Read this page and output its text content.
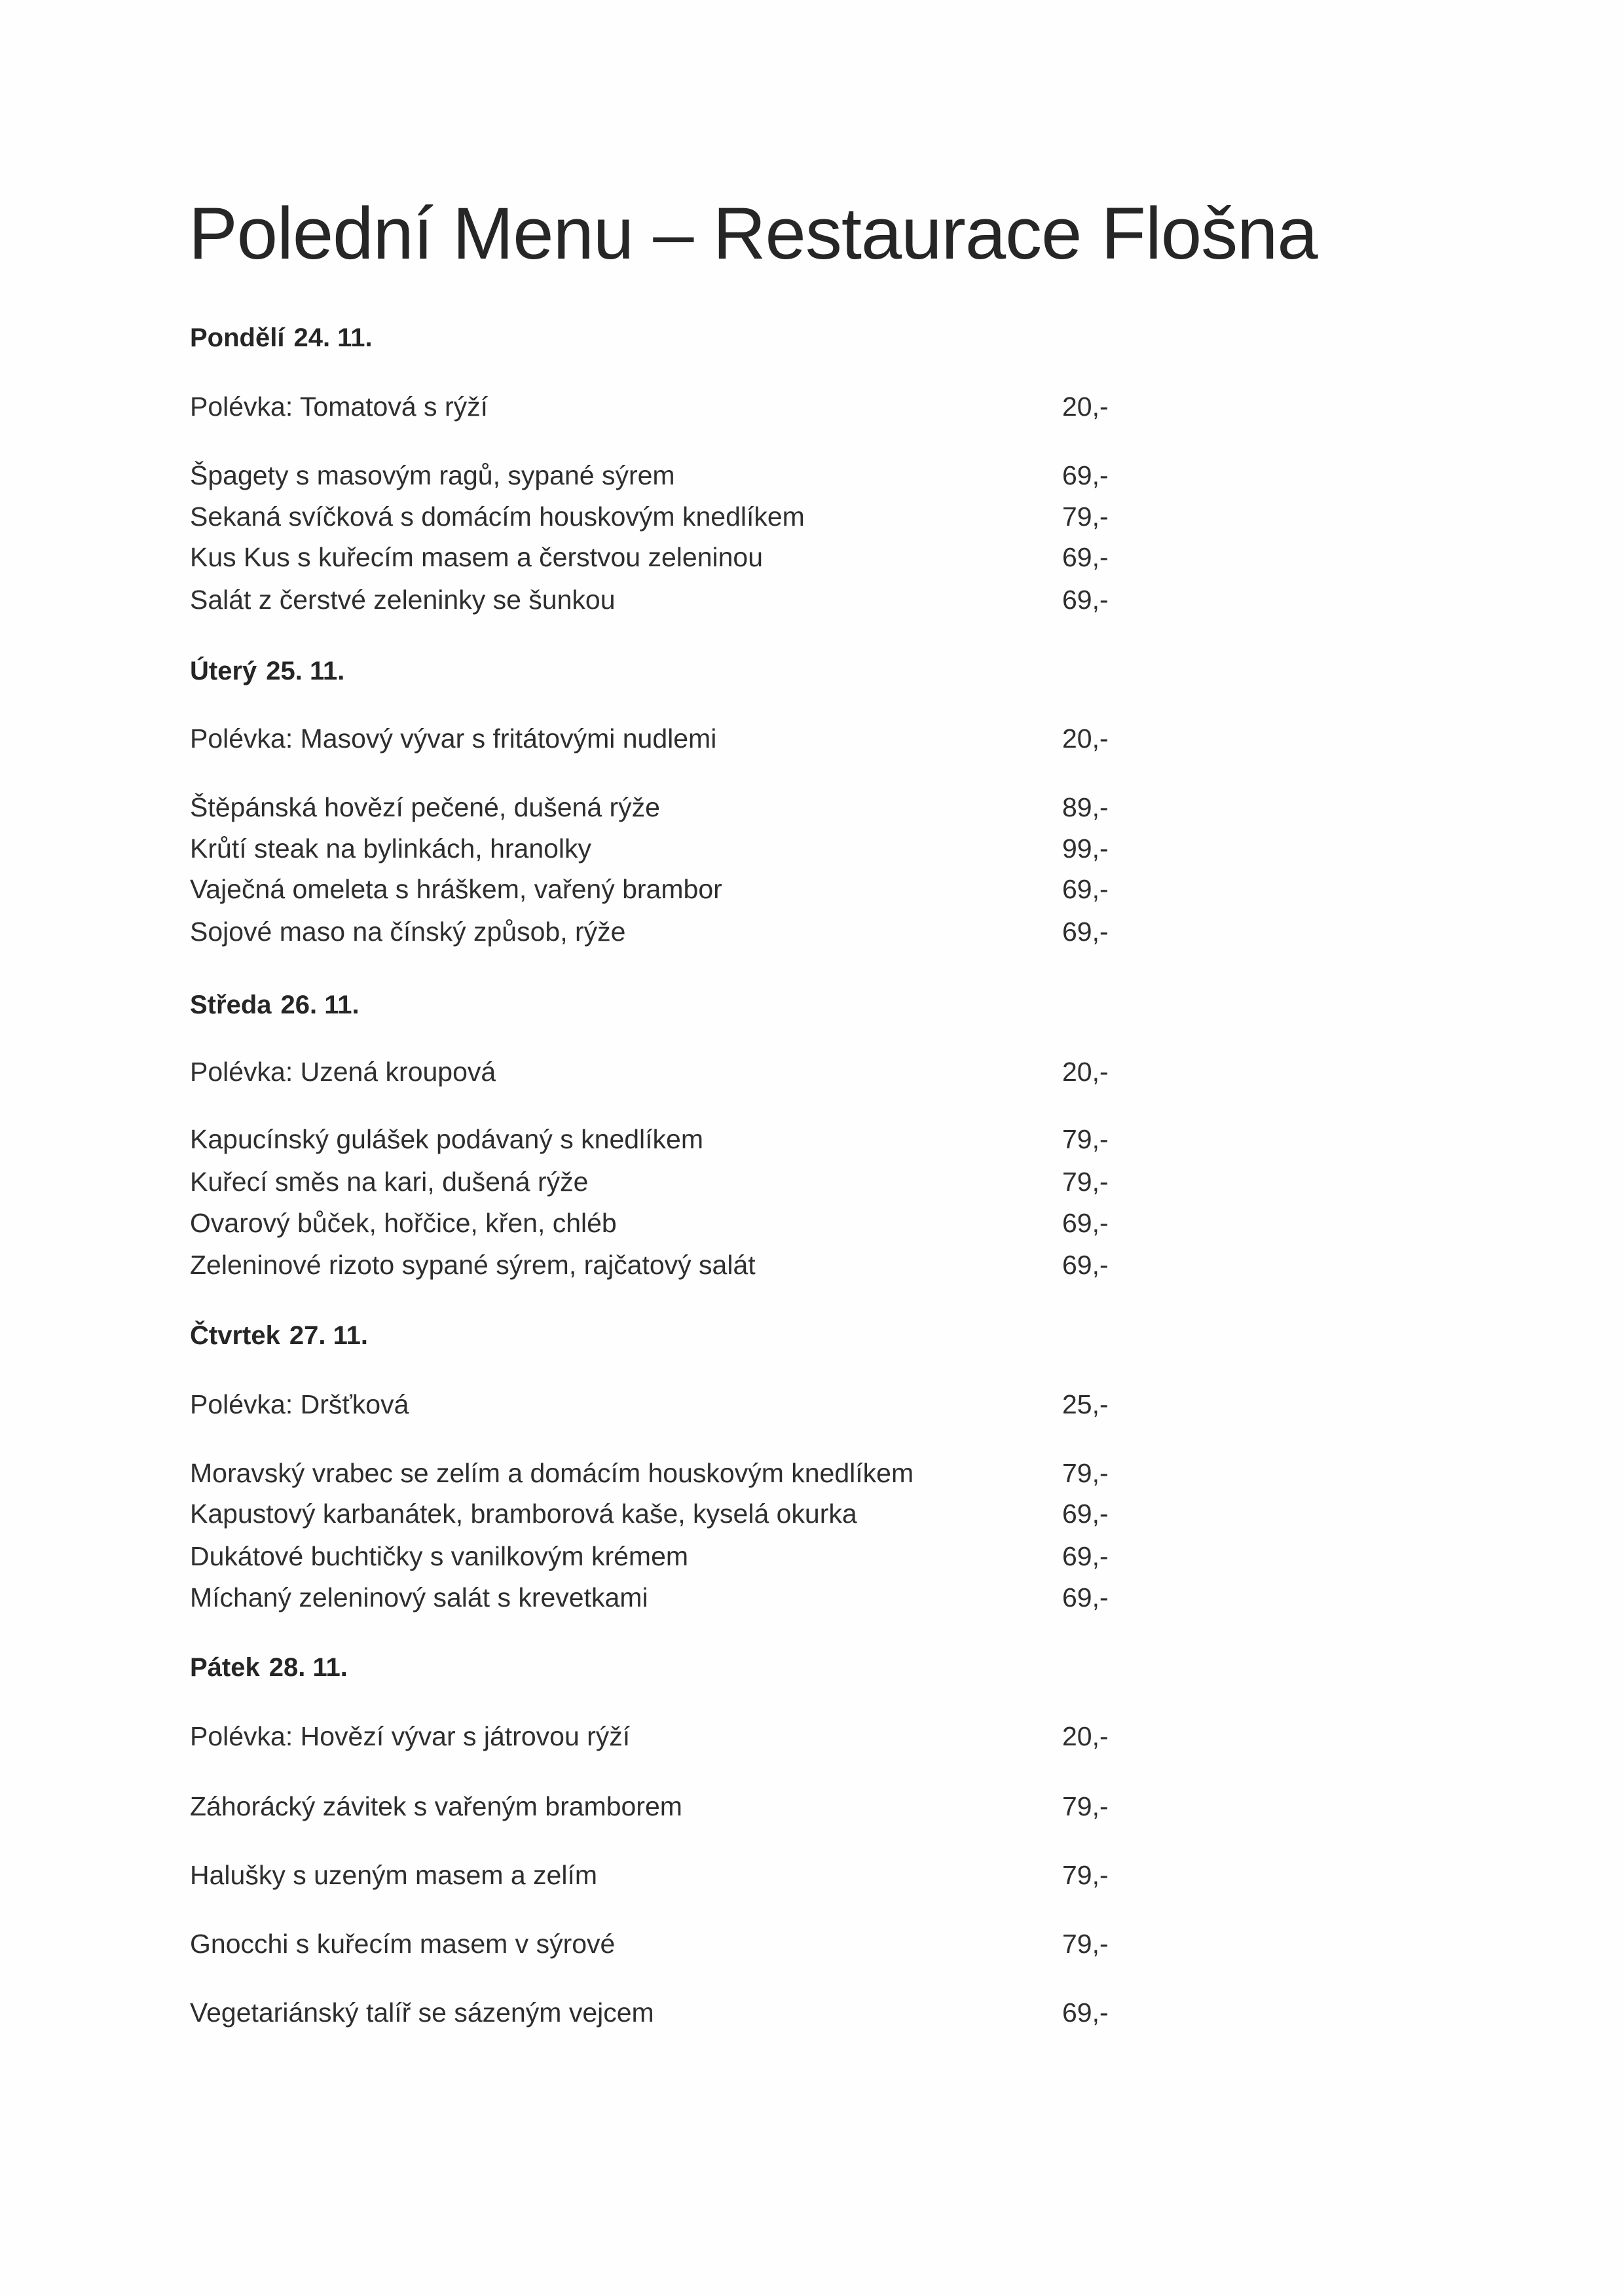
Polední Menu – Restaurace Flošna
Pondělí 24. 11.
Polévka: Tomatová s rýží	20,-
Špagety s masovým ragů, sypané sýrem	69,-
Sekaná svíčková s domácím houskovým knedlíkem	79,-
Kus Kus s kuřecím masem a čerstvou zeleninou	69,-
Salát z čerstvé zeleninky se šunkou	69,-
Úterý 25. 11.
Polévka: Masový vývar s fritátovými nudlemi	20,-
Štěpánská hovězí pečené, dušená rýže	89,-
Krůtí steak na bylinkách, hranolky	99,-
Vaječná omeleta s hráškem, vařený brambor	69,-
Sojové maso na čínský způsob, rýže	69,-
Středa 26. 11.
Polévka: Uzená kroupová	20,-
Kapucínský gulášek podávaný s knedlíkem	79,-
Kuřecí směs na kari, dušená rýže	79,-
Ovarový bůček, hořčice, křen, chléb	69,-
Zeleninové rizoto sypané sýrem, rajčatový salát	69,-
Čtvrtek 27. 11.
Polévka: Dršťková	25,-
Moravský vrabec se zelím a domácím houskovým knedlíkem	79,-
Kapustový karbanátek, bramborová kaše, kyselá okurka	69,-
Dukátové buchtičky s vanilkovým krémem	69,-
Míchaný zeleninový salát s krevetkami	69,-
Pátek 28. 11.
Polévka: Hovězí vývar s játrovou rýží	20,-
Záhorácký závitek s vařeným bramborem	79,-
Halušky s uzeným masem a zelím	79,-
Gnocchi s kuřecím masem v sýrové	79,-
Vegetariánský talíř se sázeným vejcem	69,-
